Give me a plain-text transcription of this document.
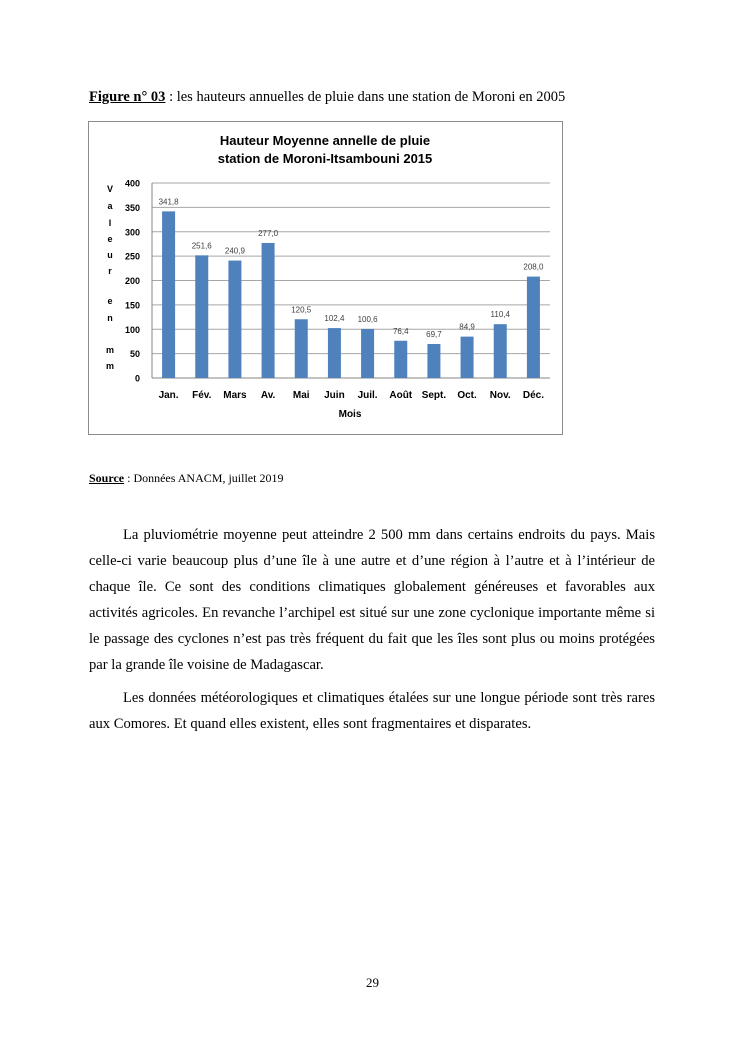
Figure n° 03 : les hauteurs annuelles de pluie dans une station de Moroni en 2005
Hauteur Moyenne annelle de pluie
station de Moroni-Itsambouni 2015
0
50
100
150
200
250
300
350
400
V
a
l
e
u
r
e
n
m
m
341,8
Jan.
251,6
Fév.
240,9
Mars
277,0
Av.
120,5
Mai
102,4
Juin
100,6
Juil.
76,4
Août
69,7
Sept.
84,9
Oct.
110,4
Nov.
208,0
Déc.
Mois
Source : Données ANACM, juillet 2019

La pluviométrie moyenne peut atteindre 2 500 mm dans certains endroits du pays. Mais celle-ci varie beaucoup plus d’une île à une autre et d’une région à l’autre et à l’intérieur de chaque île. Ce sont des conditions climatiques globalement généreuses et favorables aux activités agricoles. En revanche l’archipel est situé sur une zone cyclonique importante même si le passage des cyclones n’est pas très fréquent du fait que les îles sont plus ou moins protégées par la grande île voisine de Madagascar.

Les données météorologiques et climatiques étalées sur une longue période sont très rares aux Comores. Et quand elles existent, elles sont fragmentaires et disparates.

29
